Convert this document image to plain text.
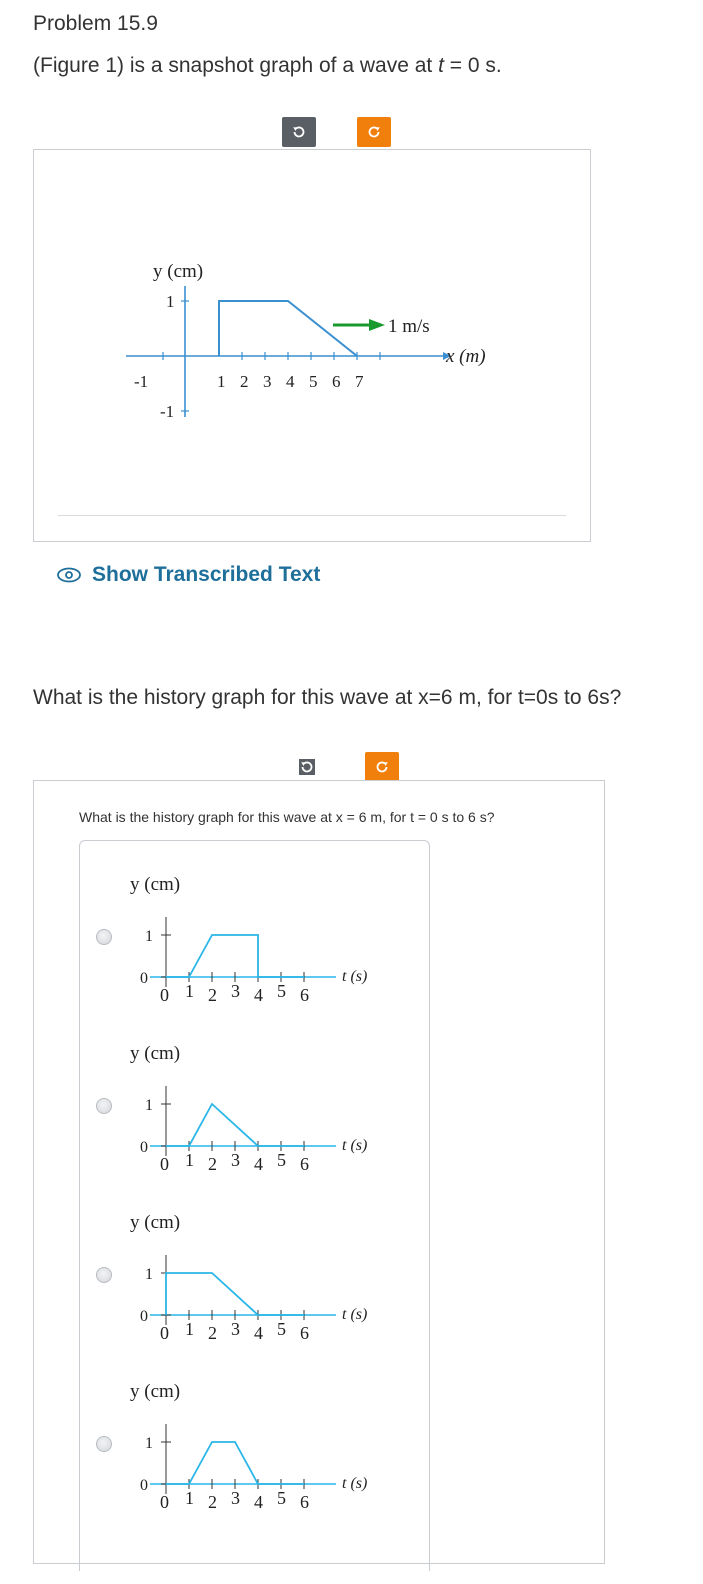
Problem 15.9
(Figure 1) is a snapshot graph of a wave at t = 0 s.
y (cm)
1 m/s
x (m)
1
-1
-1	1 2 3 4 5 6 7
Show Transcribed Text
What is the history graph for this wave at x=6 m, for t=0s to 6s?
What is the history graph for this wave at x = 6 m, for t = 0 s to 6 s?
y (cm)
1
0
0 1 2 3 4 5 6
t (s)
y (cm)
1
0
0 1 2 3 4 5 6
t (s)
y (cm)
1
0
0 1 2 3 4 5 6
t (s)
y (cm)
1
0
0 1 2 3 4 5 6
t (s)
